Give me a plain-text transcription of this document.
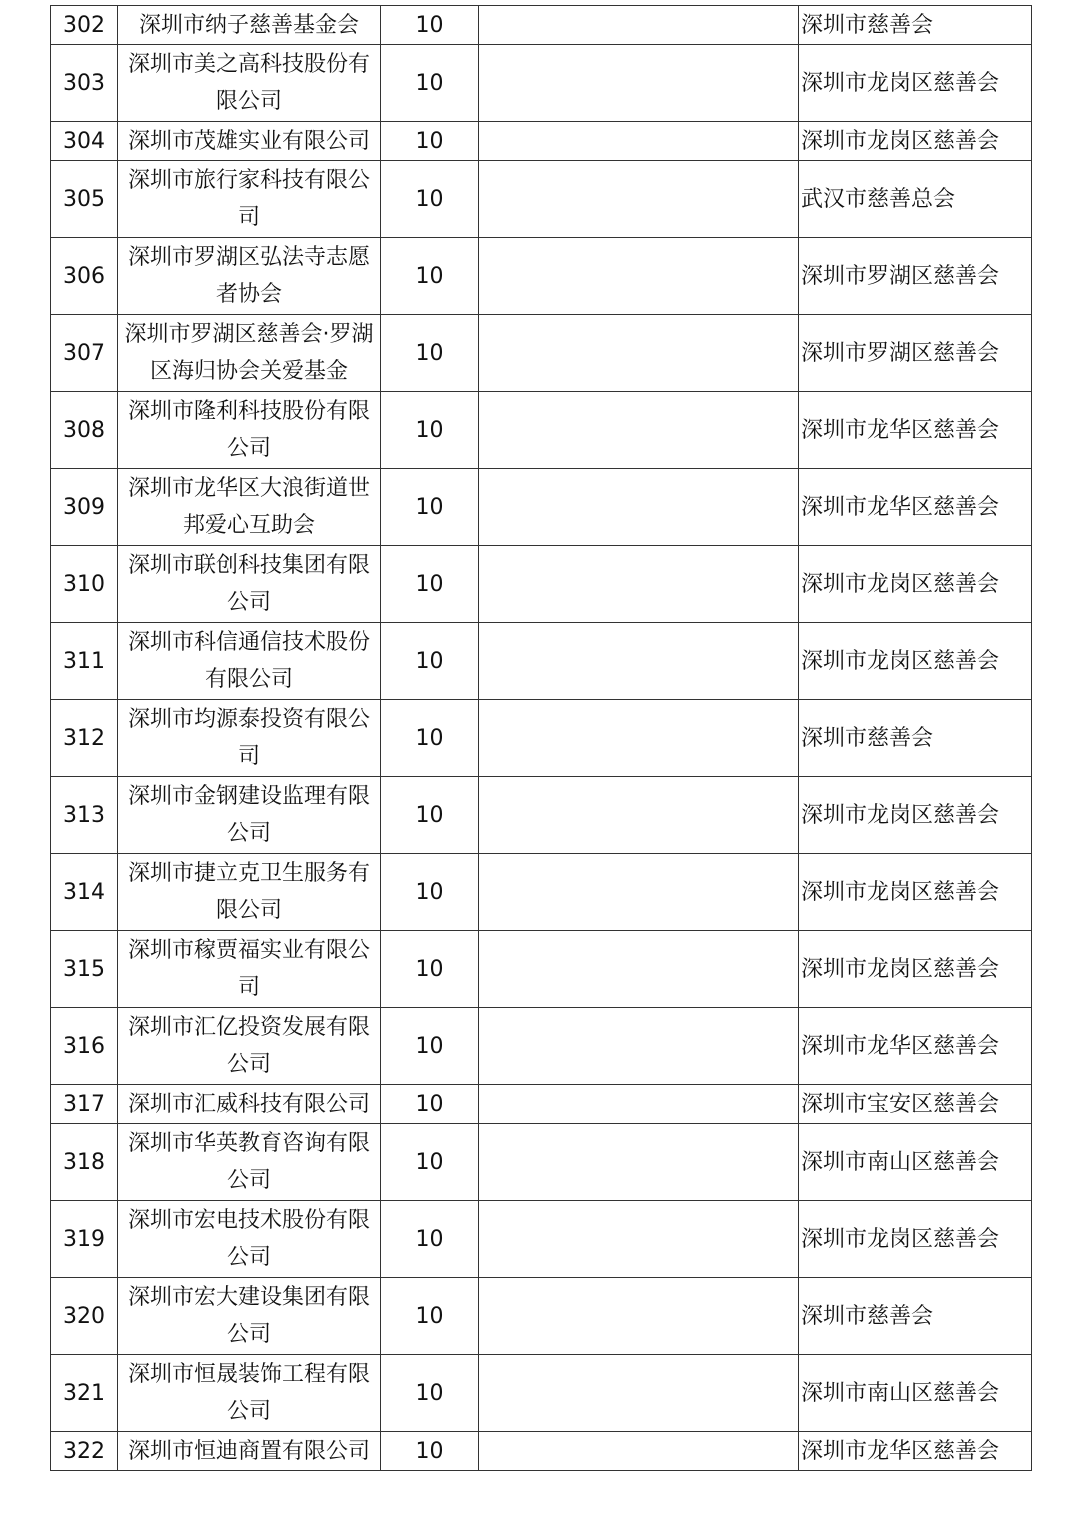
302	深圳市纳子慈善基金会	10		深圳市慈善会
303	深圳市美之高科技股份有限公司	10		深圳市龙岗区慈善会
304	深圳市茂雄实业有限公司	10		深圳市龙岗区慈善会
305	深圳市旅行家科技有限公司	10		武汉市慈善总会
306	深圳市罗湖区弘法寺志愿者协会	10		深圳市罗湖区慈善会
307	深圳市罗湖区慈善会·罗湖区海归协会关爱基金	10		深圳市罗湖区慈善会
308	深圳市隆利科技股份有限公司	10		深圳市龙华区慈善会
309	深圳市龙华区大浪街道世邦爱心互助会	10		深圳市龙华区慈善会
310	深圳市联创科技集团有限公司	10		深圳市龙岗区慈善会
311	深圳市科信通信技术股份有限公司	10		深圳市龙岗区慈善会
312	深圳市均源泰投资有限公司	10		深圳市慈善会
313	深圳市金钢建设监理有限公司	10		深圳市龙岗区慈善会
314	深圳市捷立克卫生服务有限公司	10		深圳市龙岗区慈善会
315	深圳市稼贾福实业有限公司	10		深圳市龙岗区慈善会
316	深圳市汇亿投资发展有限公司	10		深圳市龙华区慈善会
317	深圳市汇威科技有限公司	10		深圳市宝安区慈善会
318	深圳市华英教育咨询有限公司	10		深圳市南山区慈善会
319	深圳市宏电技术股份有限公司	10		深圳市龙岗区慈善会
320	深圳市宏大建设集团有限公司	10		深圳市慈善会
321	深圳市恒晟装饰工程有限公司	10		深圳市南山区慈善会
322	深圳市恒迪商置有限公司	10		深圳市龙华区慈善会
